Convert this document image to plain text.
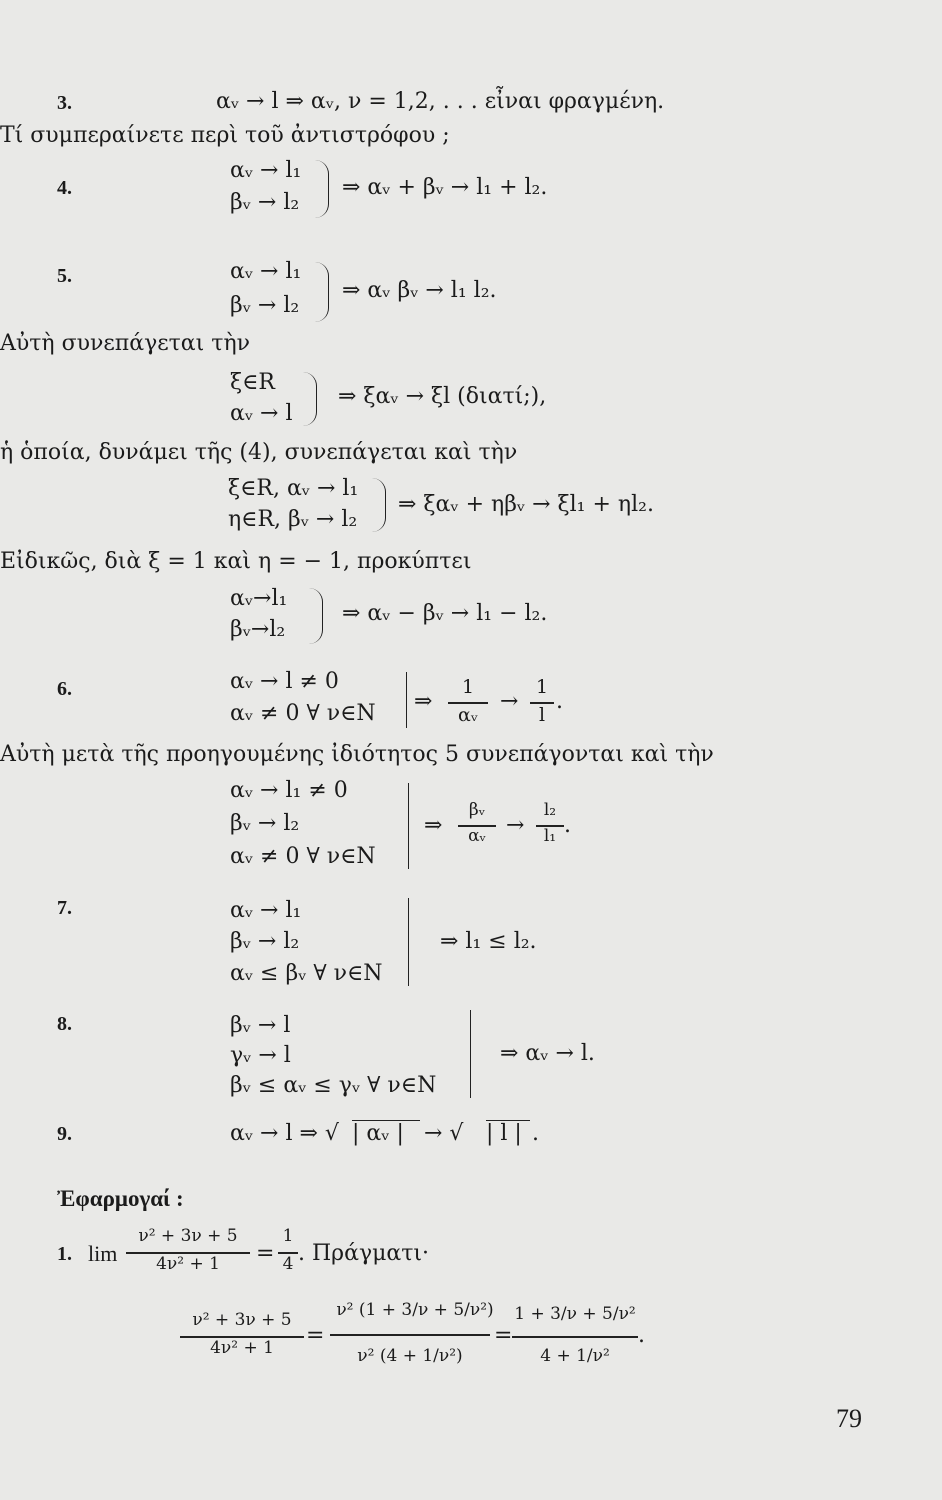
3.	αᵥ → l ⇒ αᵥ, ν = 1,2, . . . εἶναι φραγμένη.
Τί συμπεραίνετε περὶ τοῦ ἀντιστρόφου ;
4.
αᵥ → l₁
βᵥ → l₂
⇒ αᵥ + βᵥ → l₁ + l₂.
5.	αᵥ → l₁
βᵥ → l₂
⇒ αᵥ βᵥ → l₁ l₂.
Αὐτὴ συνεπάγεται τὴν
ξ∈R
αᵥ → l
⇒ ξαᵥ → ξl (διατί;),
ἡ ὁποία, δυνάμει τῆς (4), συνεπάγεται καὶ τὴν
ξ∈R, αᵥ → l₁
η∈R, βᵥ → l₂
⇒ ξαᵥ + ηβᵥ → ξl₁ + ηl₂.
Εἰδικῶς, διὰ ξ = 1 καὶ η = − 1, προκύπτει
αᵥ→l₁
βᵥ→l₂
⇒ αᵥ − βᵥ → l₁ − l₂.
6.	αᵥ → l ≠ 0
αᵥ ≠ 0 ∀ ν∈N ⇒
1
αᵥ
→
1
l
.
Αὐτὴ μετὰ τῆς προηγουμένης ἰδιότητος 5 συνεπάγονται καὶ τὴν
αᵥ → l₁ ≠ 0
βᵥ → l₂
αᵥ ≠ 0 ∀ ν∈N
⇒
βᵥ
αᵥ →
l₂
l₁ .
7.	αᵥ → l₁
βᵥ → l₂
αᵥ ≤ βᵥ ∀ ν∈N
⇒ l₁ ≤ l₂.
8.	βᵥ → l
γᵥ → l
βᵥ ≤ αᵥ ≤ γᵥ ∀ ν∈N
⇒ αᵥ → l.
9.	αᵥ → l ⇒ √ | αᵥ | → √ | l | .
Ἐφαρμογαί :
1. lim
ν² + 3ν + 5
4ν² + 1	=
1
4 . Πράγματι·
ν² + 3ν + 5
4ν² + 1	=
ν² (1 + 3/ν + 5/ν²)
ν² (4 + 1/ν²)
=
1 + 3/ν + 5/ν²
4 + 1/ν²
.
79
